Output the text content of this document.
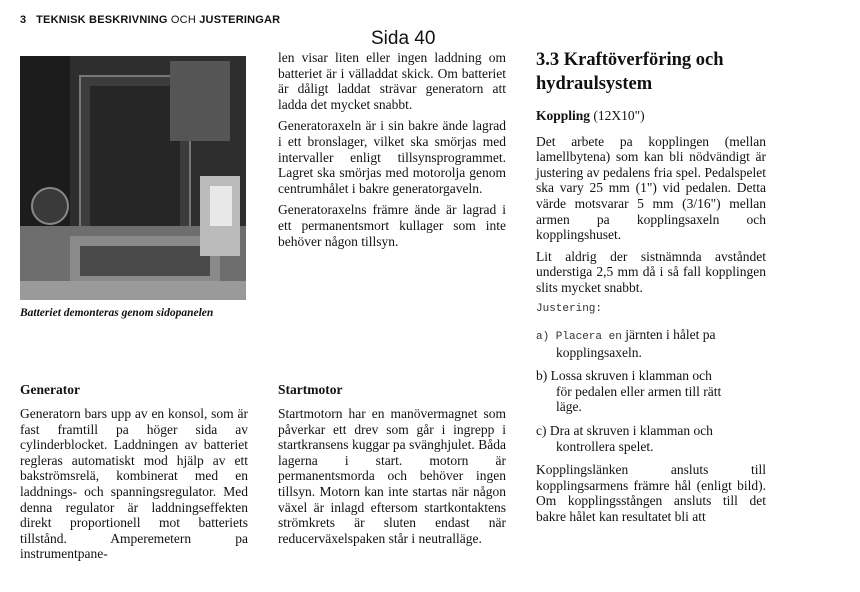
3 TEKNISK BESKRIVNING OCH JUSTERINGAR
Sida 40
Batteriet demonteras genom sidopanelen

len visar liten eller ingen laddning om batteriet är i välladdat skick. Om batteriet är dåligt laddat strävar generatorn att ladda det mycket snabbt.

Generatoraxeln är i sin bakre ände lagrad i ett bronslager, vilket ska smörjas med intervaller enligt tillsynsprogrammet. Lagret ska smörjas med motorolja genom centrumhålet i bakre generatorgaveln.

Generatoraxelns främre ände är lagrad i ett permanentsmort kullager som inte behöver någon tillsyn.

Generator

Generatorn bars upp av en konsol, som är fast framtill pa höger sida av cylinderblocket. Laddningen av batteriet regleras automatiskt mod hjälp av ett bakströmsrelä, kombinerat med en laddnings- och spanningsregulator. Med denna regulator är laddningseffekten direkt proportionell mot batteriets tillstånd. Amperemetern pa instrumentpane-

Startmotor

Startmotorn har en manövermagnet som påverkar ett drev som går i ingrepp i startkransens kuggar pa svänghjulet. Båda lagerna i start. motorn är permanentsmorda och behöver ingen tillsyn. Motorn kan inte startas när någon växel är inlagd eftersom startkontaktens strömkrets är sluten endast när reducerväxelspaken står i neutralläge.

3.3 Kraftöverföring och
hydraulsystem
Koppling (12X10")

Det arbete pa kopplingen (mellan lamellbytena) som kan bli nödvändigt är justering av pedalens fria spel. Pedalspelet ska vary 25 mm (1") vid pedalen. Detta värde motsvarar 5 mm (3/16") mellan armen pa kopplingsaxeln och kopplingshuset.

Lit aldrig der sistnämnda avståndet understiga 2,5 mm då i så fall kopplingen slits mycket snabbt.

Justering:
a) Placera en järnten i hålet pa
kopplingsaxeln.
b) Lossa skruven i klamman och
för pedalen eller armen till rätt
läge.
c) Dra at skruven i klamman och
kontrollera spelet.

Kopplingslänken ansluts till kopplingsarmens främre hål (enligt bild). Om kopplingsstången ansluts till det bakre hålet kan resultatet bli att
